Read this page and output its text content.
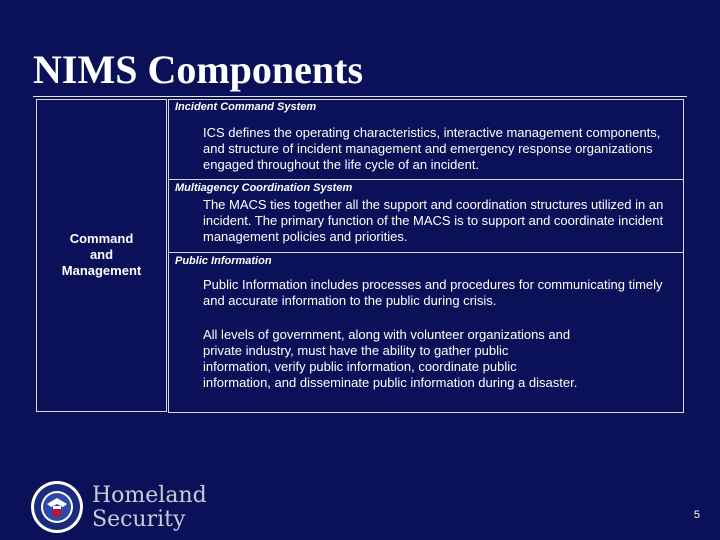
NIMS Components
Command
and
Management
Incident Command System
ICS defines the operating characteristics, interactive management components, and structure of incident management and emergency response organizations engaged throughout the life cycle of an incident.
Multiagency Coordination System
The MACS ties together all the support and coordination structures utilized in an incident. The primary function of the MACS is to support and coordinate incident management policies and priorities.
Public Information
Public Information includes processes and procedures for communicating timely and accurate information to the public during crisis.
All levels of government, along with volunteer organizations and private industry, must have the ability to gather public information, verify public information, coordinate public information, and disseminate public information during a disaster.
Homeland
Security	5
